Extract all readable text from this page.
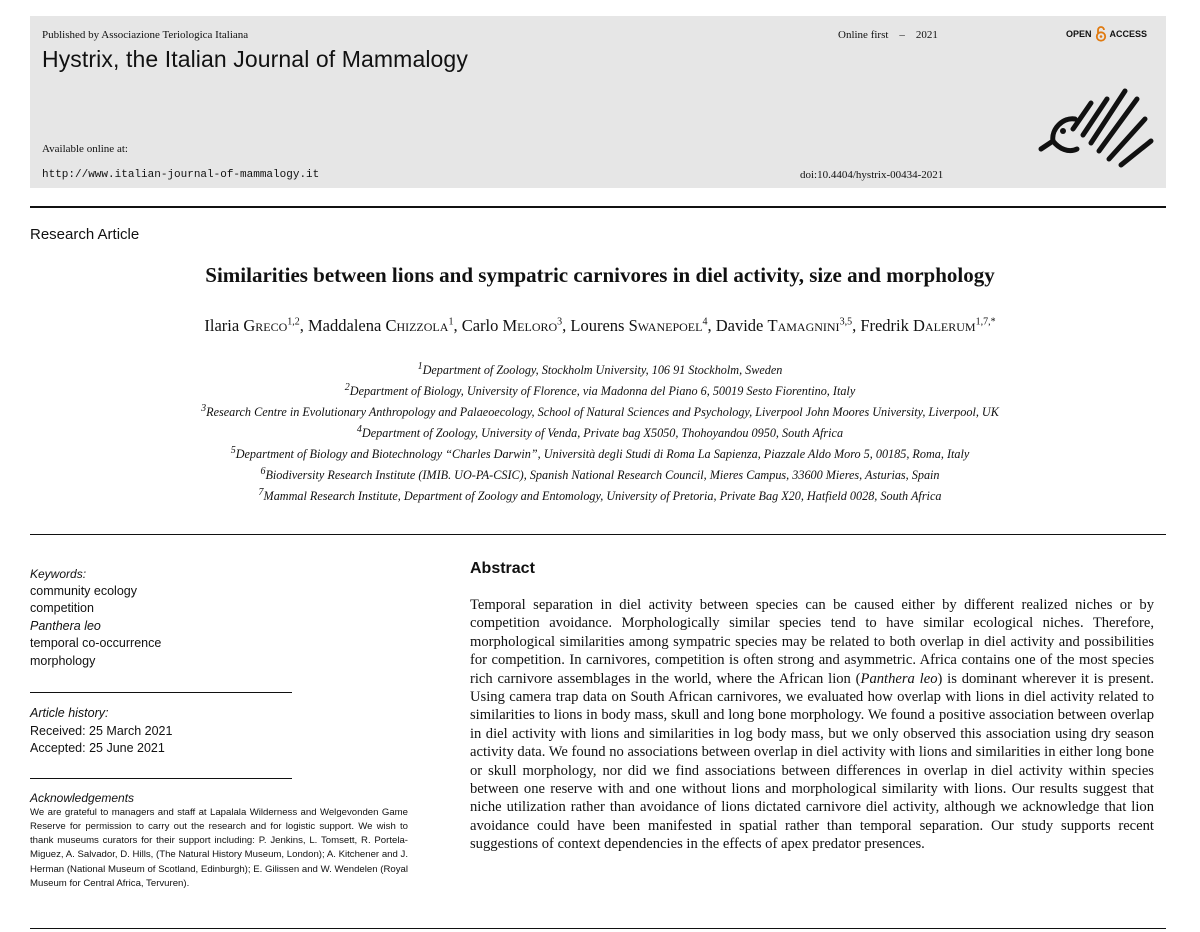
Published by Associazione Teriologica Italiana
Hystrix, the Italian Journal of Mammalogy
Online first – 2021	OPEN ACCESS
Available online at:
http://www.italian-journal-of-mammalogy.it	doi:10.4404/hystrix-00434-2021
Research Article
Similarities between lions and sympatric carnivores in diel activity, size and morphology
Ilaria Greco$^{1,2}$, Maddalena Chizzola$^1$, Carlo Meloro$^3$, Lourens Swanepoel$^4$, Davide Tamagnini$^{3,5}$, Fredrik Dalerum$^{1,7,*}$
$^1$Department of Zoology, Stockholm University, 106 91 Stockholm, Sweden
$^2$Department of Biology, University of Florence, via Madonna del Piano 6, 50019 Sesto Fiorentino, Italy
$^3$Research Centre in Evolutionary Anthropology and Palaeoecology, School of Natural Sciences and Psychology, Liverpool John Moores University, Liverpool, UK
$^4$Department of Zoology, University of Venda, Private bag X5050, Thohoyandou 0950, South Africa
$^5$Department of Biology and Biotechnology “Charles Darwin”, Università degli Studi di Roma La Sapienza, Piazzale Aldo Moro 5, 00185, Roma, Italy
$^6$Biodiversity Research Institute (IMIB. UO-PA-CSIC), Spanish National Research Council, Mieres Campus, 33600 Mieres, Asturias, Spain
$^7$Mammal Research Institute, Department of Zoology and Entomology, University of Pretoria, Private Bag X20, Hatfield 0028, South Africa
Keywords:
community ecology
competition
Panthera leo
temporal co-occurrence
morphology
Article history:
Received: 25 March 2021
Accepted: 25 June 2021
Acknowledgements
We are grateful to managers and staff at Lapalala Wilderness and Welgevonden Game Reserve for permission to carry out the research and for logistic support. We wish to thank museums curators for their support including: P. Jenkins, L. Tomsett, R. Portela-Miguez, A. Salvador, D. Hills, (The Natural History Museum, London); A. Kitchener and J. Herman (National Museum of Scotland, Edinburgh); E. Gilissen and W. Wendelen (Royal Museum for Central Africa, Tervuren).
Abstract
Temporal separation in diel activity between species can be caused either by different realized niches or by competition avoidance. Morphologically similar species tend to have similar ecological niches. Therefore, morphological similarities among sympatric species may be related to both overlap in diel activity and possibilities for competition. In carnivores, competition is often strong and asymmetric. Africa contains one of the most species rich carnivore assemblages in the world, where the African lion (Panthera leo) is dominant wherever it is present. Using camera trap data on South African carnivores, we evaluated how overlap with lions in diel activity related to similarities to lions in body mass, skull and long bone morphology. We found a positive association between overlap in diel activity with lions and similarities in log body mass, but we only observed this association using dry season activity data. We found no associations between overlap in diel activity with lions and similarities in either long bone or skull morphology, nor did we find associations between differences in overlap in diel activity within species between one reserve with and one without lions and morphological similarity with lions. Our results suggest that niche utilization rather than avoidance of lions dictated carnivore diel activity, although we acknowledge that lion avoidance could have been manifested in spatial rather than temporal separation. Our study supports recent suggestions of context dependencies in the effects of apex predator presences.
